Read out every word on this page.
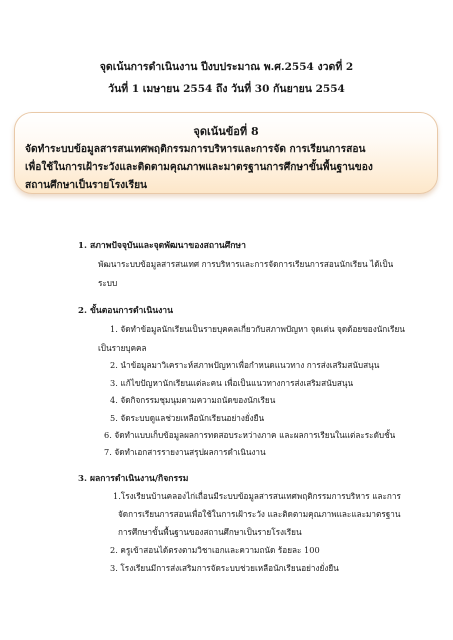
จุดเน้นการดำเนินงาน ปีงบประมาณ พ.ศ.2554 งวดที่ 2
วันที่ 1 เมษายน 2554 ถึง วันที่ 30 กันยายน 2554
จุดเน้นข้อที่ 8
จัดทำระบบข้อมูลสารสนเทศพฤติกรรมการบริหารและการจัด การเรียนการสอน
เพื่อใช้ในการเฝ้าระวังและติดตามคุณภาพและมาตรฐานการศึกษาขั้นพื้นฐานของ
สถานศึกษาเป็นรายโรงเรียน
1. สภาพปัจจุบันและจุดพัฒนาของสถานศึกษา
พัฒนาระบบข้อมูลสารสนเทศ การบริหารและการจัดการเรียนการสอนนักเรียน ได้เป็น
ระบบ
2. ขั้นตอนการดำเนินงาน
1. จัดทำข้อมูลนักเรียนเป็นรายบุคคลเกี่ยวกับสภาพปัญหา จุดเด่น จุดด้อยของนักเรียน
เป็นรายบุคคล
2. นำข้อมูลมาวิเคราะห์สภาพปัญหาเพื่อกำหนดแนวทาง การส่งเสริมสนับสนุน
3. แก้ไขปัญหานักเรียนแต่ละคน เพื่อเป็นแนวทางการส่งเสริมสนับสนุน
4. จัดกิจกรรมชุมนุมตามความถนัดของนักเรียน
5. จัดระบบดูแลช่วยเหลือนักเรียนอย่างยั่งยืน
6. จัดทำแบบเก็บข้อมูลผลการทดสอบระหว่างภาค และผลการเรียนในแต่ละระดับชั้น
7. จัดทำเอกสารรายงานสรุปผลการดำเนินงาน
3. ผลการดำเนินงาน/กิจกรรม
1.โรงเรียนบ้านคลองไก่เถื่อนมีระบบข้อมูลสารสนเทศพฤติกรรมการบริหาร และการ
จัดการเรียนการสอนเพื่อใช้ในการเฝ้าระวัง และติดตามคุณภาพและและมาตรฐาน
การศึกษาขั้นพื้นฐานของสถานศึกษาเป็นรายโรงเรียน
2. ครูเข้าสอนได้ตรงตามวิชาเอกและความถนัด ร้อยละ 100
3. โรงเรียนมีการส่งเสริมการจัดระบบช่วยเหลือนักเรียนอย่างยั่งยืน
